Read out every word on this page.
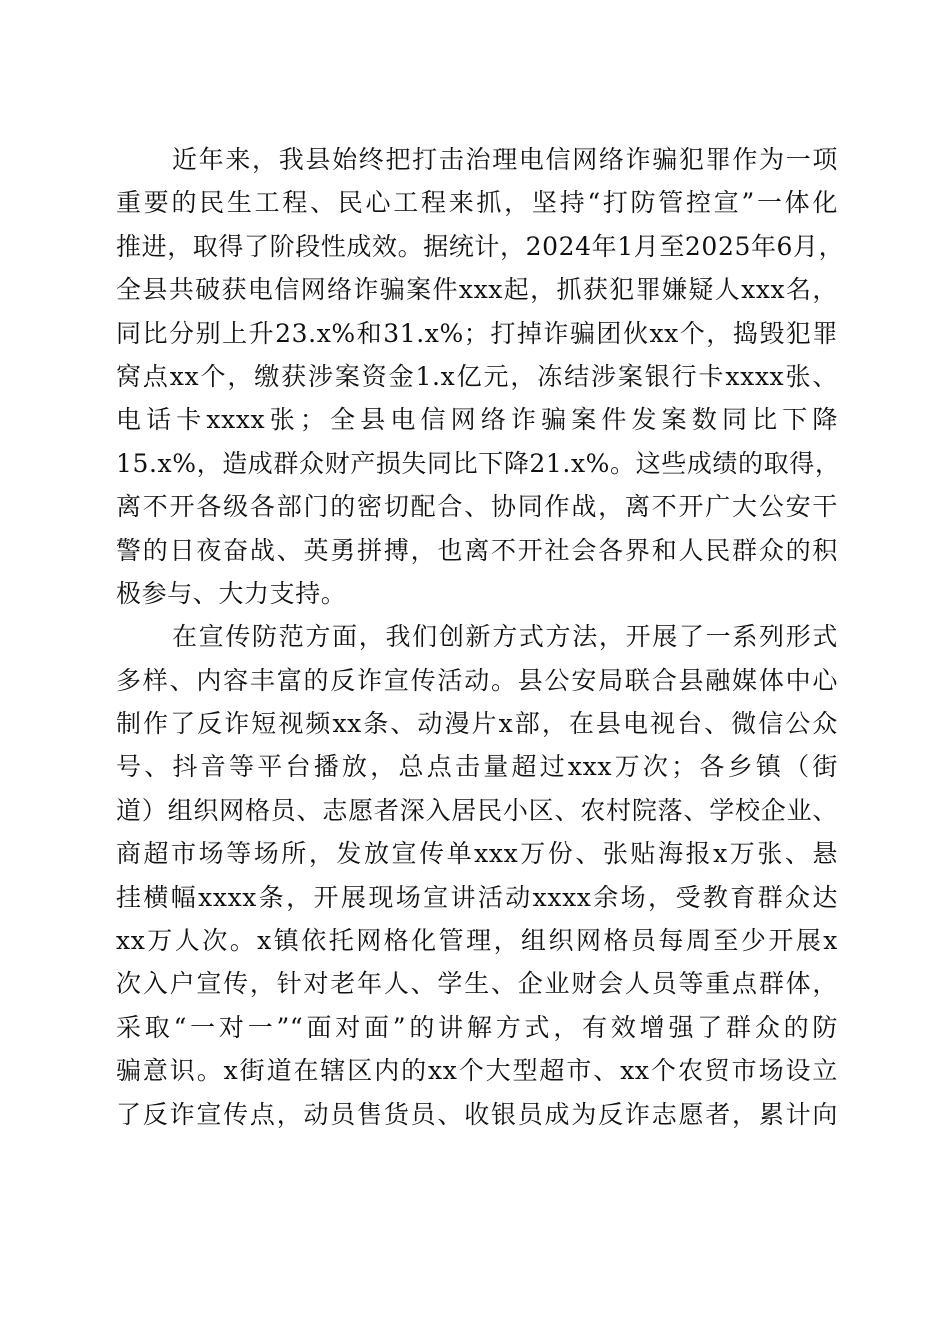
近年来，我县始终把打击治理电信网络诈骗犯罪作为一项
重要的民生工程、民心工程来抓，坚持“打防管控宣”一体化
推进，取得了阶段性成效。据统计，2024年1月至2025年6月，
全县共破获电信网络诈骗案件xxx起，抓获犯罪嫌疑人xxx名，
同比分别上升23.x%和31.x%；打掉诈骗团伙xx个，捣毁犯罪
窝点xx个，缴获涉案资金1.x亿元，冻结涉案银行卡xxxx张、
电话卡xxxx张；全县电信网络诈骗案件发案数同比下降
15.x%，造成群众财产损失同比下降21.x%。这些成绩的取得，
离不开各级各部门的密切配合、协同作战，离不开广大公安干
警的日夜奋战、英勇拼搏，也离不开社会各界和人民群众的积
极参与、大力支持。
在宣传防范方面，我们创新方式方法，开展了一系列形式
多样、内容丰富的反诈宣传活动。县公安局联合县融媒体中心
制作了反诈短视频xx条、动漫片x部，在县电视台、微信公众
号、抖音等平台播放，总点击量超过xxx万次；各乡镇（街
道）组织网格员、志愿者深入居民小区、农村院落、学校企业、
商超市场等场所，发放宣传单xxx万份、张贴海报x万张、悬
挂横幅xxxx条，开展现场宣讲活动xxxx余场，受教育群众达
xx万人次。x镇依托网格化管理，组织网格员每周至少开展x
次入户宣传，针对老年人、学生、企业财会人员等重点群体，
采取“一对一”“面对面”的讲解方式，有效增强了群众的防
骗意识。x街道在辖区内的xx个大型超市、xx个农贸市场设立
了反诈宣传点，动员售货员、收银员成为反诈志愿者，累计向
